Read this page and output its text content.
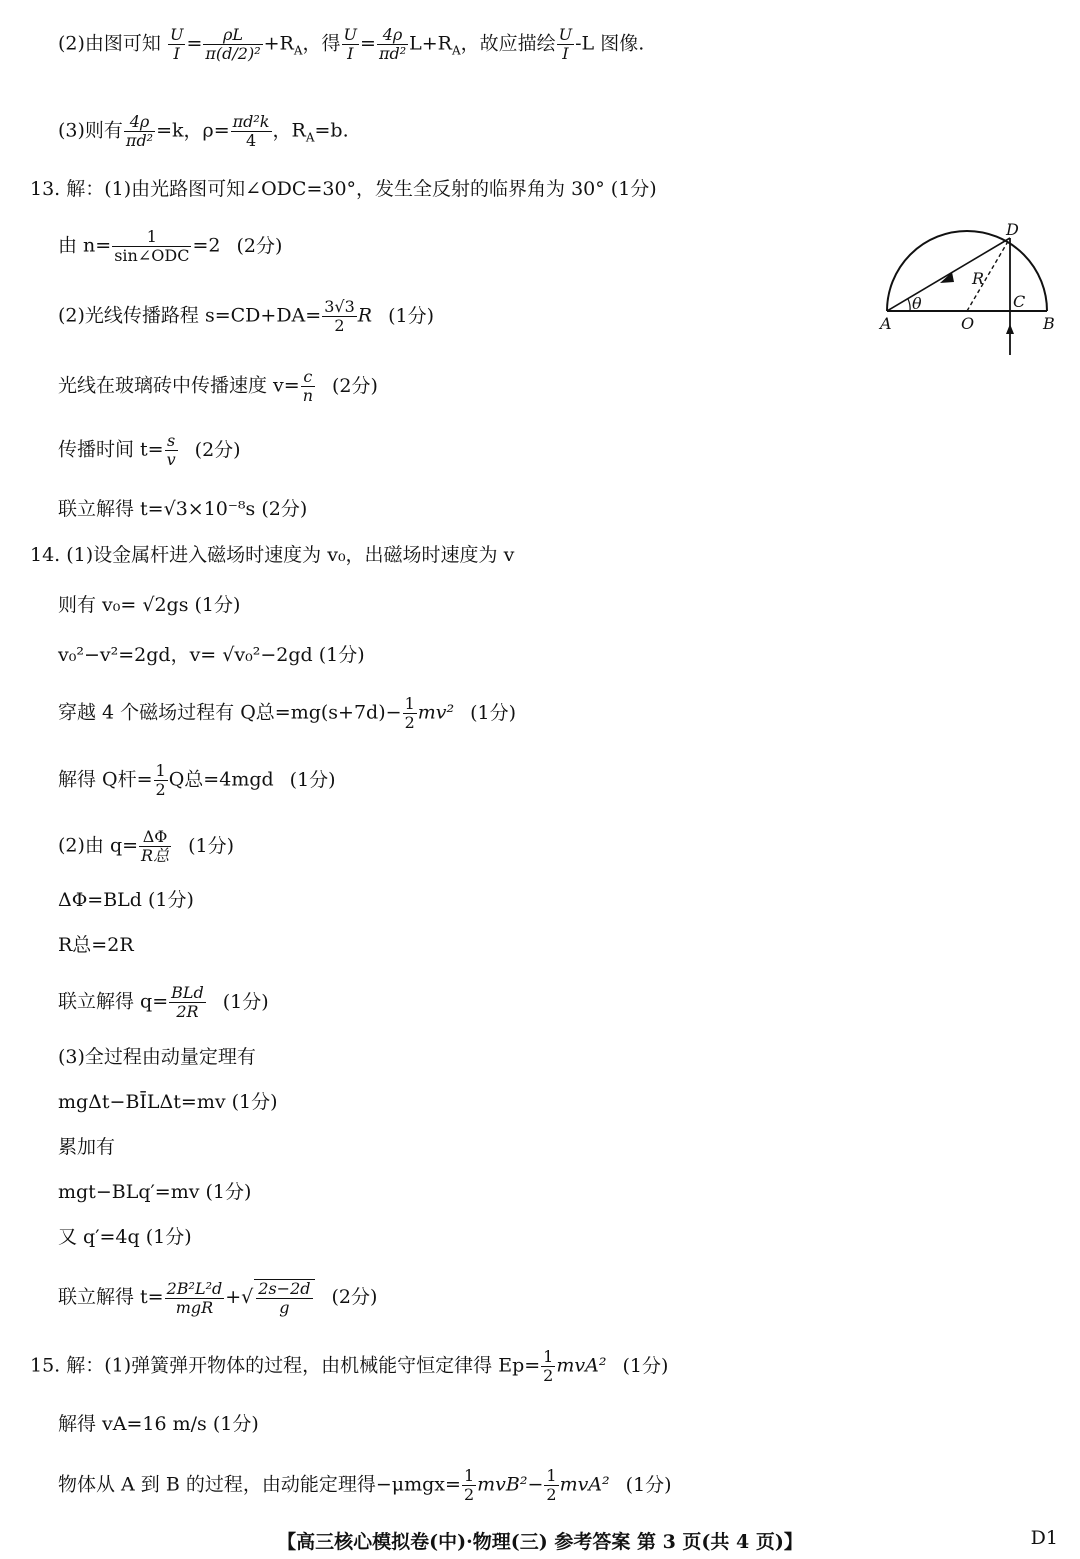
(2)由图可知 $\frac{U}{I} = \frac{\rho L}{\text{π(d/2)²}} +R_A$，得 $\frac{U}{I} = \frac{4\rho}{\text{πd²}} L+R_A$，故应描绘 $\frac{U}{I} -L$ 图像.
(3)则有 $\frac{4\rho}{\text{πd²}} =k$，$\rho= \frac{\text{πd²k}}{4}$ ，$R_A=b$.
13. 解：(1)由光路图可知∠ODC=30°，发生全反射的临界角为 30° (1分)
由 $n= \frac{1}{\text{sin∠ODC}} =2$ (2分)
(2)光线传播路程 $s=CD+DA= \frac{3√3}{2}$ R (1分)
光线在玻璃砖中传播速度 $v= \frac{c}{n} (2$分)
传播时间 $t= \frac{s}{v} (2$分)
联立解得 t=√3×10⁻⁸s (2分)
A	O
C
B
D
R
θ
14. (1)设金属杆进入磁场时速度为 v₀，出磁场时速度为 v
则有 v₀= √2gs (1分)
v₀²−v²=2gd，v= √v₀²−2gd (1分)
穿越 4 个磁场过程有 Q总$=mg(s+7d)- \frac{1}{2} mv^2$ (1分)
解得 Q杆= $\frac{1}{2}$ Q总=4mgd (1分)
(2)由 $q= \frac{\Delta\Phi}{\text{R总}} (1$分)
ΔΦ=BLd (1分)
R总=2R
联立解得 $q= \frac{\text{BLd}}{2R} (1$分)
(3)全过程由动量定理有
mgΔt−BĪLΔt=mv (1分)
累加有
mgt−BLq′=mv (1分)
又 q′=4q (1分)
联立解得 $t= \frac{\text{2B²L²d}}{\text{mgR}}$ +√ $\frac{2s-2d}{g} (2$分)
15. 解：(1)弹簧弹开物体的过程，由机械能守恒定律得 $Ep= \frac{1}{2} mvA^2$ (1分)
解得 vA=16 m/s (1分)
物体从 A 到 B 的过程，由动能定理得$-\mu mgx= \frac{1}{2} mvB^2- \frac{1}{2} mvA^2$ (1分)
【高三核心模拟卷(中)·物理(三) 参考答案 第 3 页(共 4 页)】	D1
